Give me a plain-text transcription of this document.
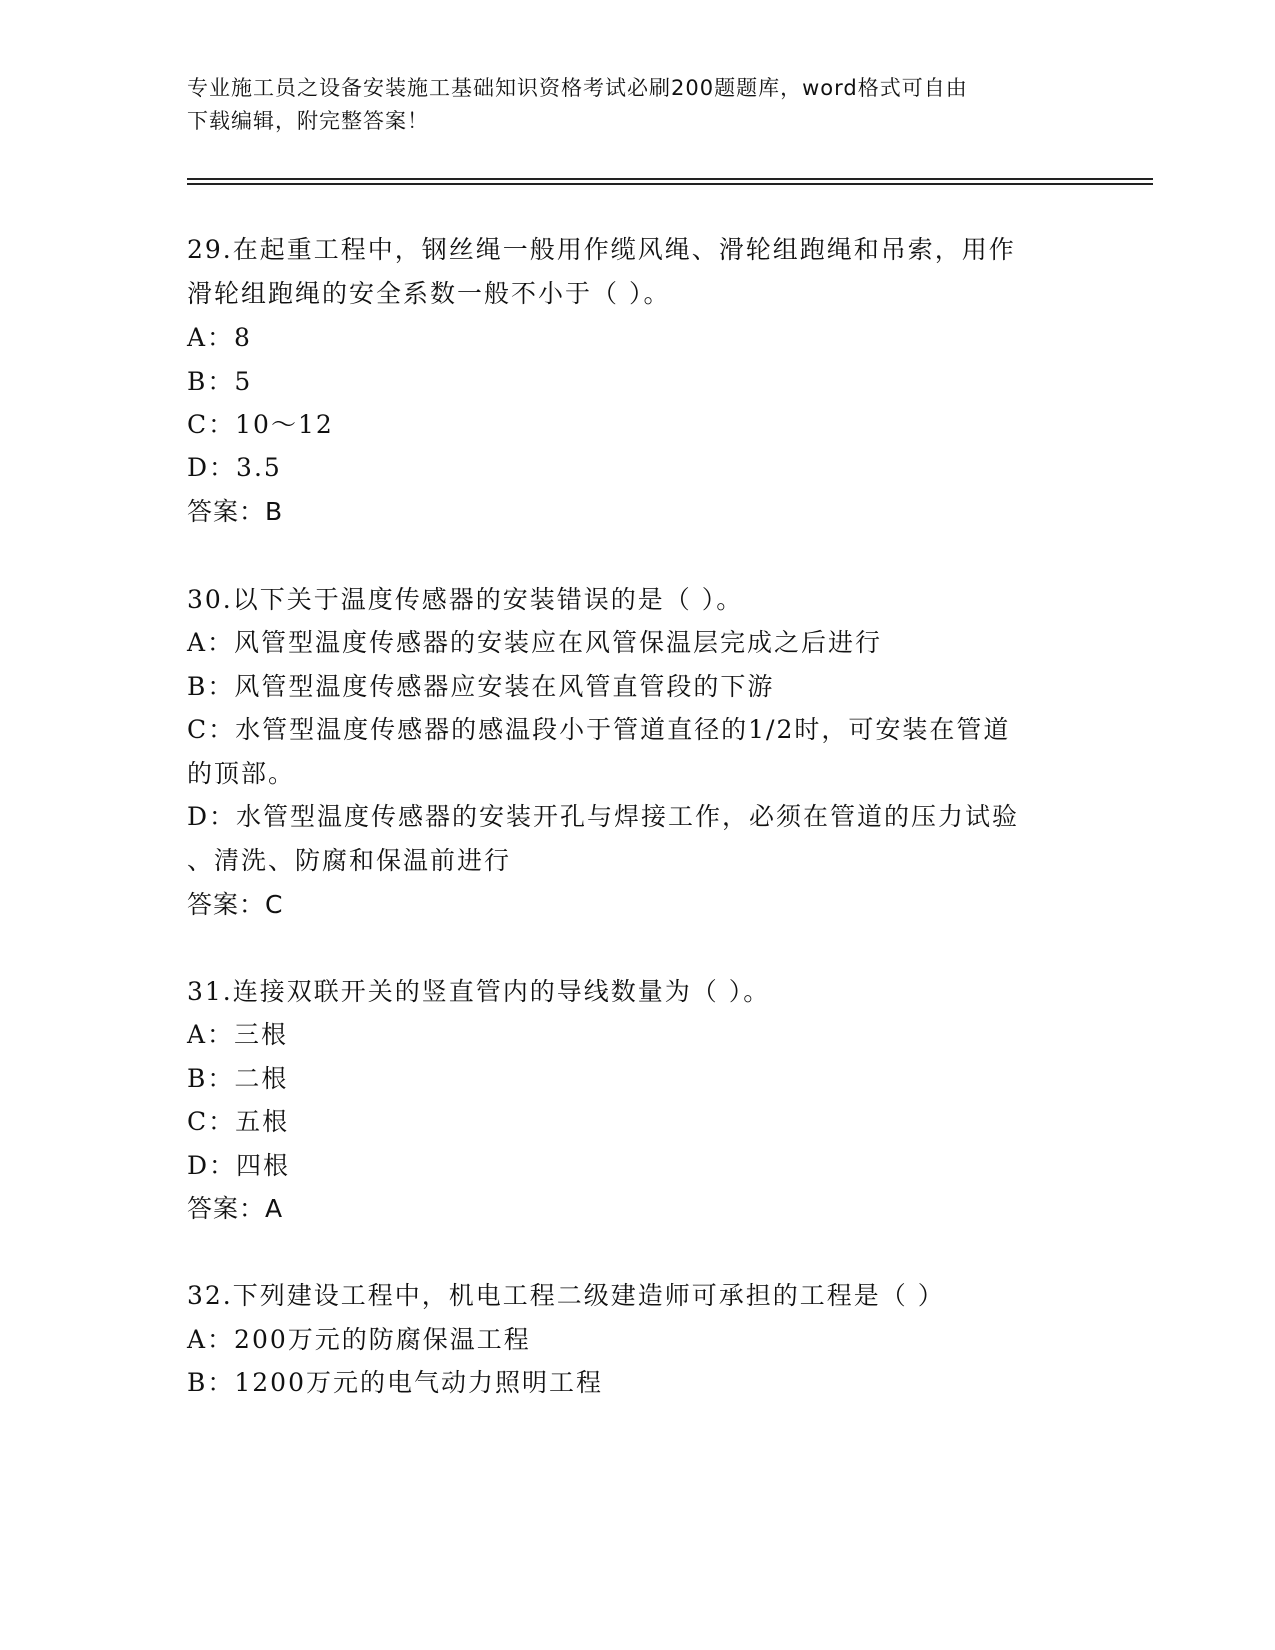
专业施工员之设备安装施工基础知识资格考试必刷200题题库，word格式可自由
下载编辑，附完整答案！
29.在起重工程中，钢丝绳一般用作缆风绳、滑轮组跑绳和吊索，用作
滑轮组跑绳的安全系数一般不小于（ ）。
A：8
B：5
C：10～12
D：3.5
答案：B
30.以下关于温度传感器的安装错误的是（ ）。
A：风管型温度传感器的安装应在风管保温层完成之后进行
B：风管型温度传感器应安装在风管直管段的下游
C：水管型温度传感器的感温段小于管道直径的1/2时，可安装在管道
的顶部。
D：水管型温度传感器的安装开孔与焊接工作，必须在管道的压力试验
、清洗、防腐和保温前进行
答案：C
31.连接双联开关的竖直管内的导线数量为（ ）。
A：三根
B：二根
C：五根
D：四根
答案：A
32.下列建设工程中，机电工程二级建造师可承担的工程是（ ）
A：200万元的防腐保温工程
B：1200万元的电气动力照明工程
